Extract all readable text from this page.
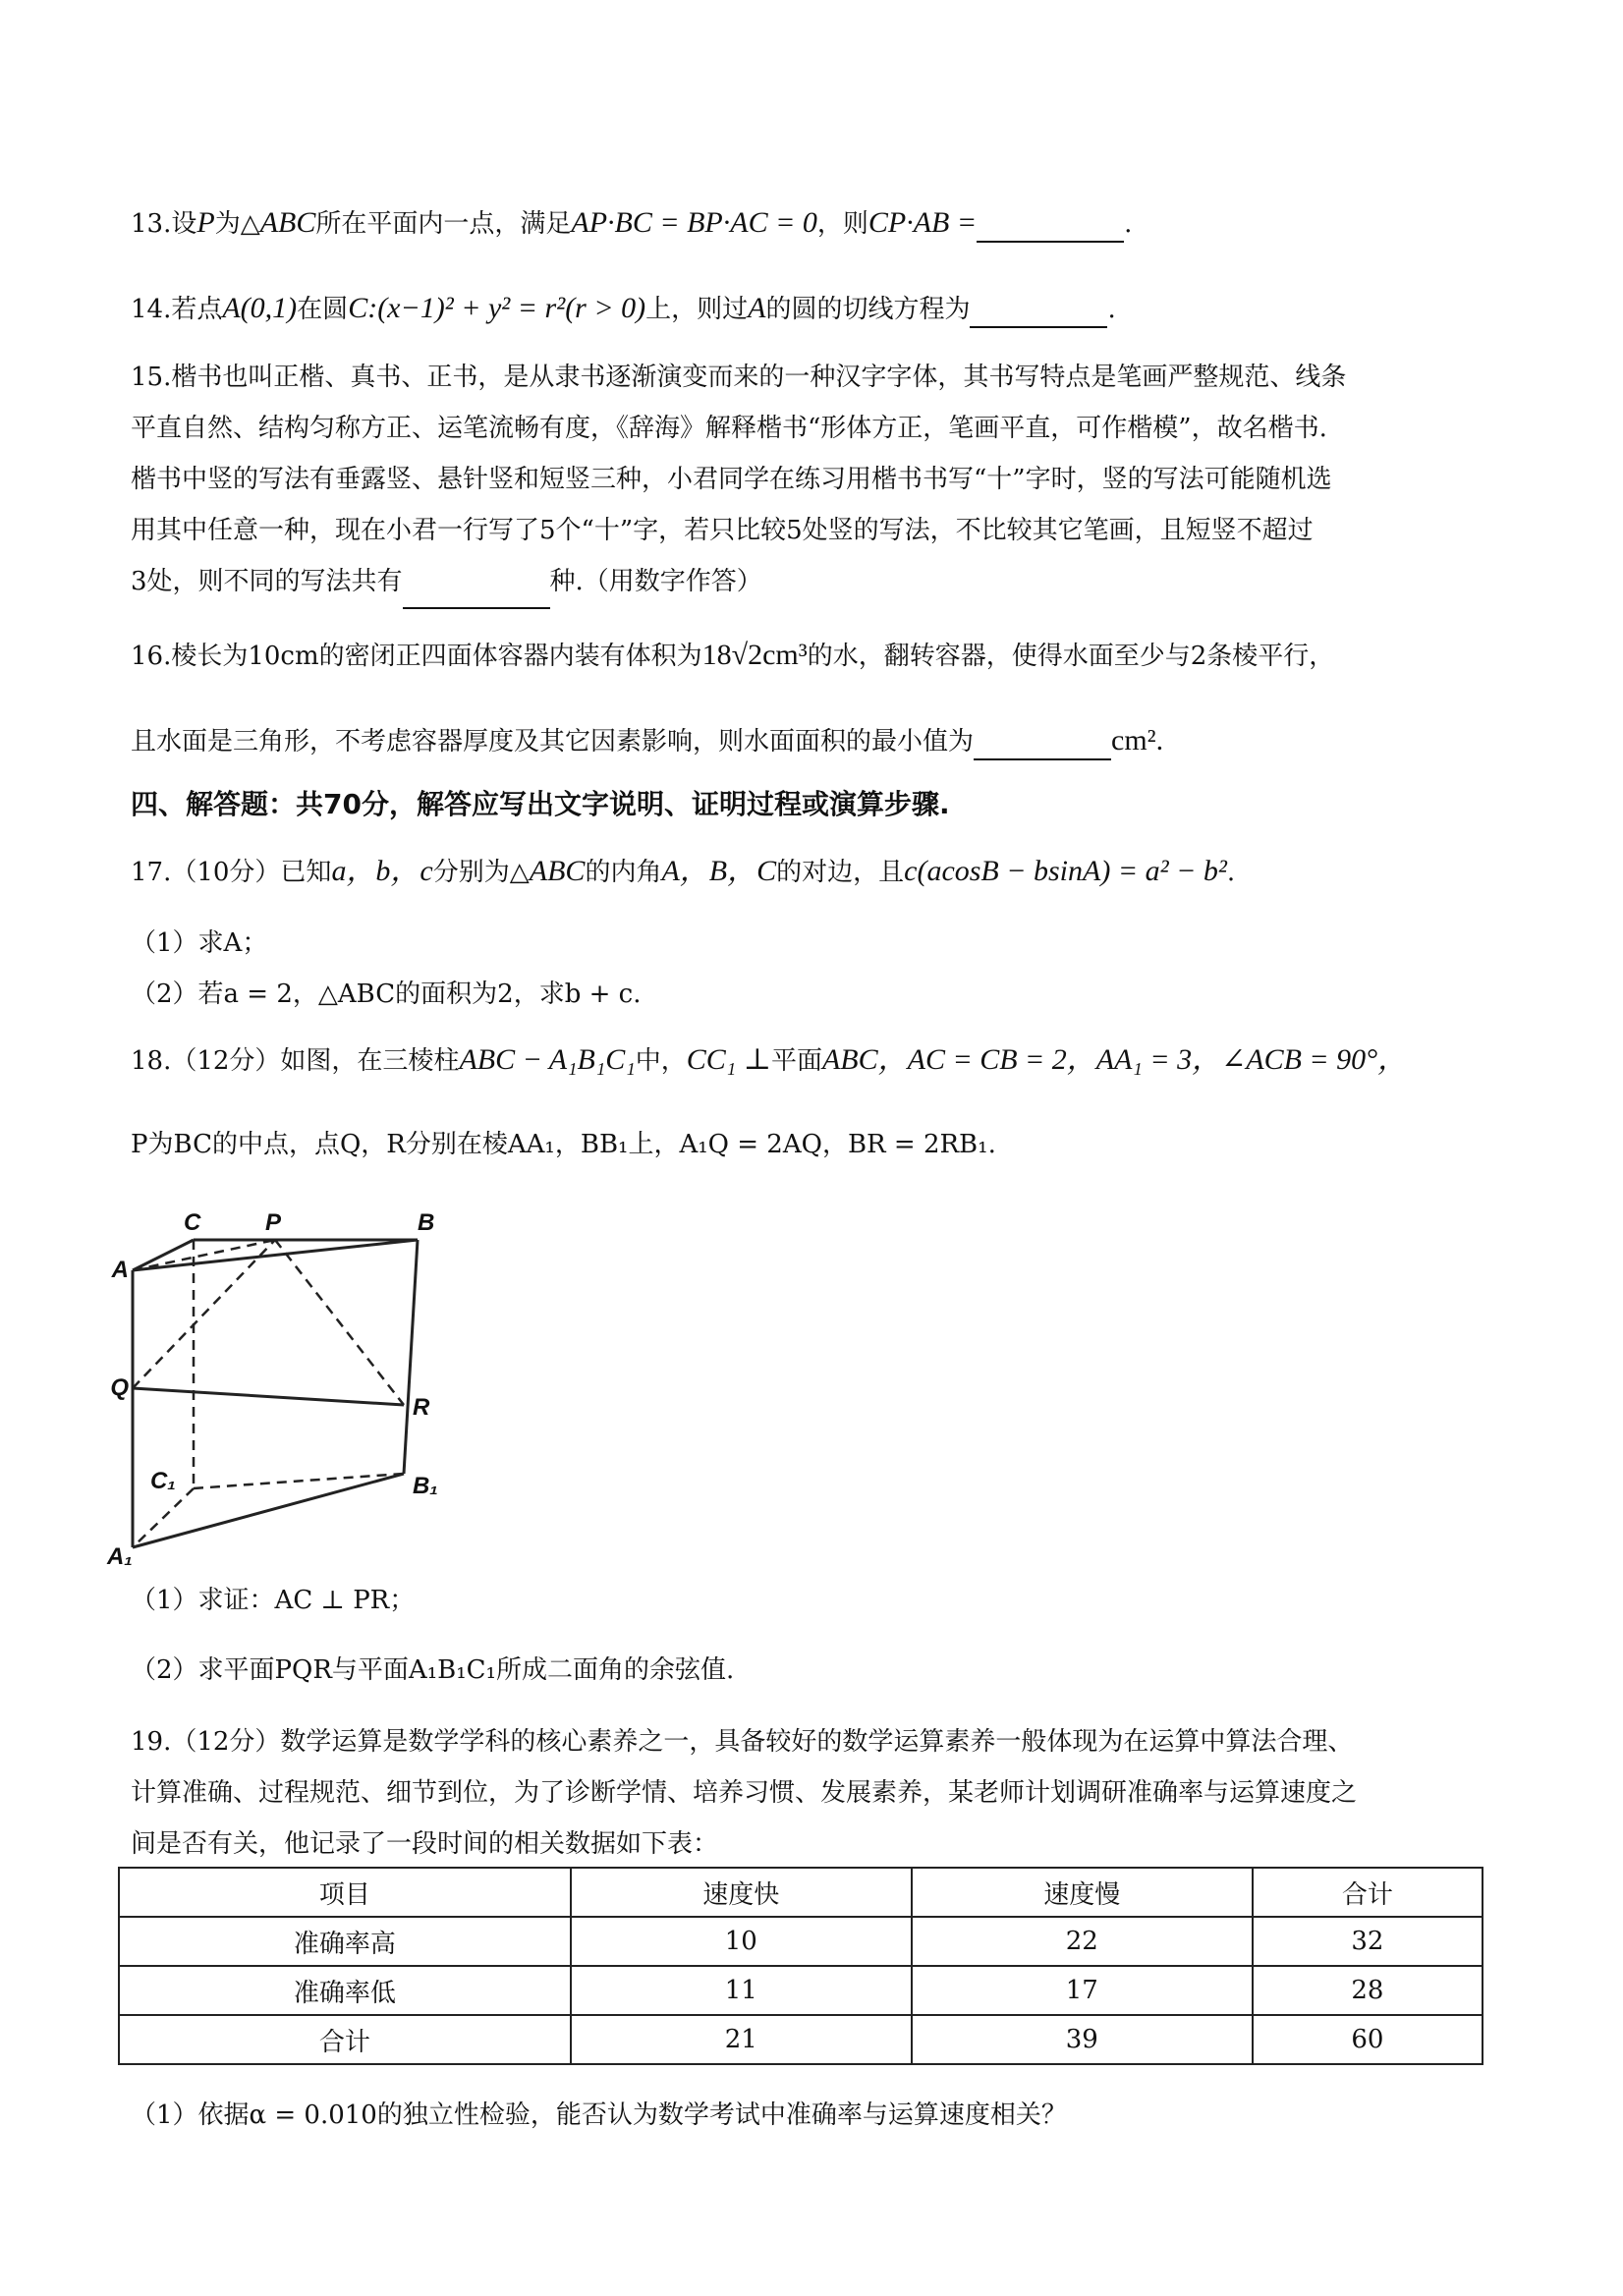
13.设P为△ABC所在平面内一点，满足AP·BC = BP·AC = 0，则CP·AB =	.
14.若点A(0,1)在圆C:(x−1)² + y² = r²(r > 0)上，则过A的圆的切线方程为	.
15.楷书也叫正楷、真书、正书，是从隶书逐渐演变而来的一种汉字字体，其书写特点是笔画严整规范、线条
平直自然、结构匀称方正、运笔流畅有度，《辞海》解释楷书“形体方正，笔画平直，可作楷模”，故名楷书.
楷书中竖的写法有垂露竖、悬针竖和短竖三种，小君同学在练习用楷书书写“十”字时，竖的写法可能随机选
用其中任意一种，现在小君一行写了5个“十”字，若只比较5处竖的写法，不比较其它笔画，且短竖不超过
3处，则不同的写法共有	种.（用数字作答）
16.棱长为10cm的密闭正四面体容器内装有体积为18√2cm³的水，翻转容器，使得水面至少与2条棱平行，
且水面是三角形，不考虑容器厚度及其它因素影响，则水面面积的最小值为	cm².
四、解答题：共70分，解答应写出文字说明、证明过程或演算步骤.
17.（10分）已知a，b，c分别为△ABC的内角A，B，C的对边，且c(acosB − bsinA) = a² − b².
（1）求A；
（2）若a = 2，△ABC的面积为2，求b + c.
18.（12分）如图，在三棱柱ABC − A₁B₁C₁中，CC₁ ⊥平面ABC，AC = CB = 2，AA₁ = 3，∠ACB = 90°，
P为BC的中点，点Q，R分别在棱AA₁，BB₁上，A₁Q = 2AQ，BR = 2RB₁.
C	P	B
A
Q
R
C₁	B₁
A₁
（1）求证：AC ⊥ PR；
（2）求平面PQR与平面A₁B₁C₁所成二面角的余弦值.
19.（12分）数学运算是数学学科的核心素养之一，具备较好的数学运算素养一般体现为在运算中算法合理、
计算准确、过程规范、细节到位，为了诊断学情、培养习惯、发展素养，某老师计划调研准确率与运算速度之
间是否有关，他记录了一段时间的相关数据如下表：
项目	速度快	速度慢	合计
准确率高	10	22	32
准确率低	11	17	28
合计	21	39	60
（1）依据α = 0.010的独立性检验，能否认为数学考试中准确率与运算速度相关？
